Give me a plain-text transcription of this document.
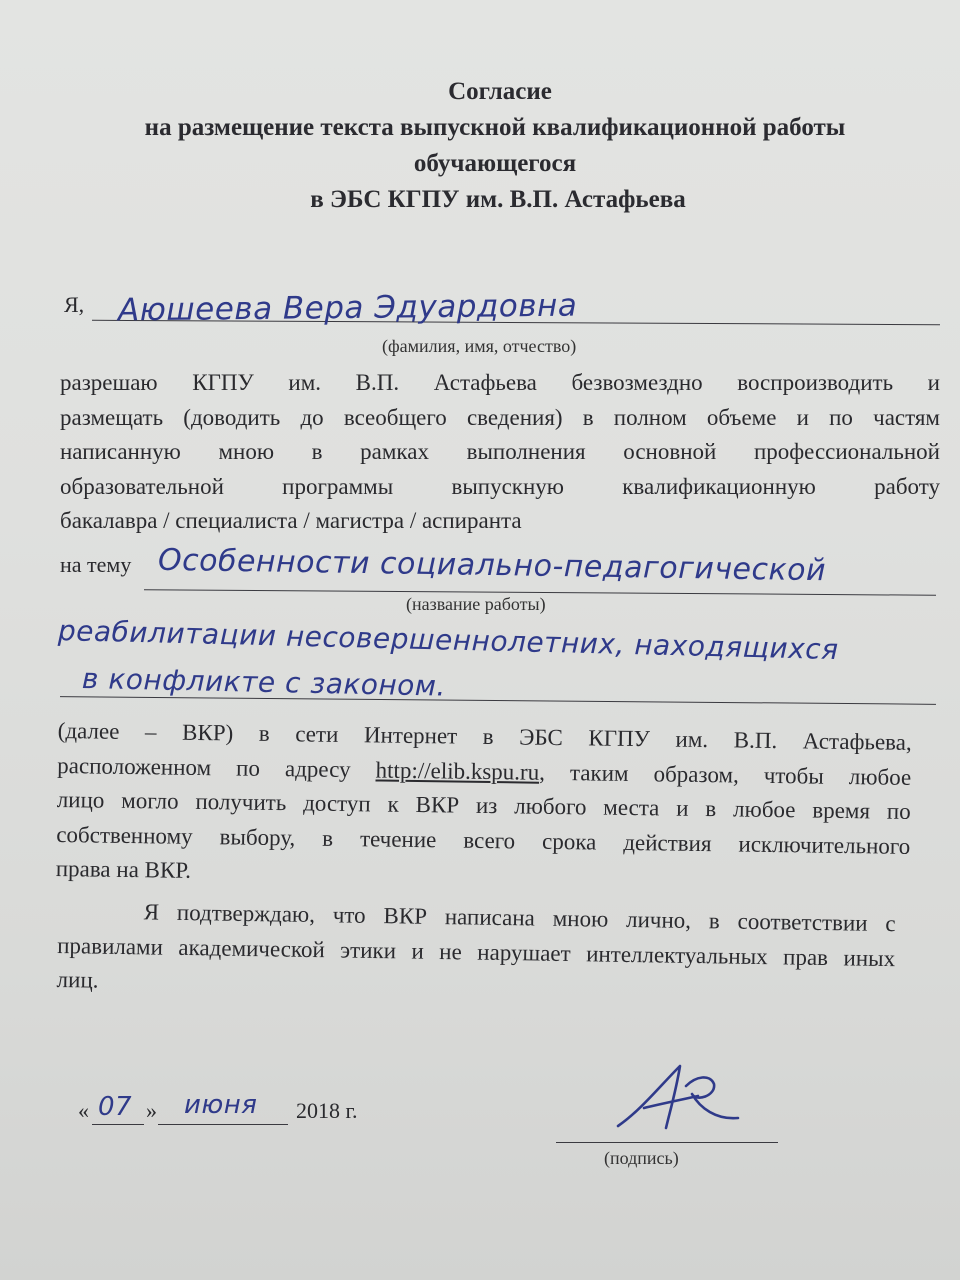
Согласие
на размещение текста выпускной квалификационной работы
обучающегося
в ЭБС КГПУ им. В.П. Астафьева
Я, Аюшеева Вера Эдуардовна
(фамилия, имя, отчество)
разрешаю КГПУ им. В.П. Астафьева безвозмездно воспроизводить и
размещать (доводить до всеобщего сведения) в полном объеме и по частям
написанную мною в рамках выполнения основной профессиональной
образовательной программы выпускную квалификационную работу
бакалавра / специалиста / магистра / аспиранта
на тему Особенности социально-педагогической
(название работы)
реабилитации несовершеннолетних, находящихся
в конфликте с законом.
(далее – ВКР) в сети Интернет в ЭБС КГПУ им. В.П. Астафьева,
расположенном по адресу http://elib.kspu.ru, таким образом, чтобы любое
лицо могло получить доступ к ВКР из любого места и в любое время по
собственному выбору, в течение всего срока действия исключительного
права на ВКР.
Я подтверждаю, что ВКР написана мною лично, в соответствии с
правилами академической этики и не нарушает интеллектуальных прав иных
лиц.
« 07 » июня 2018 г.
(подпись)
